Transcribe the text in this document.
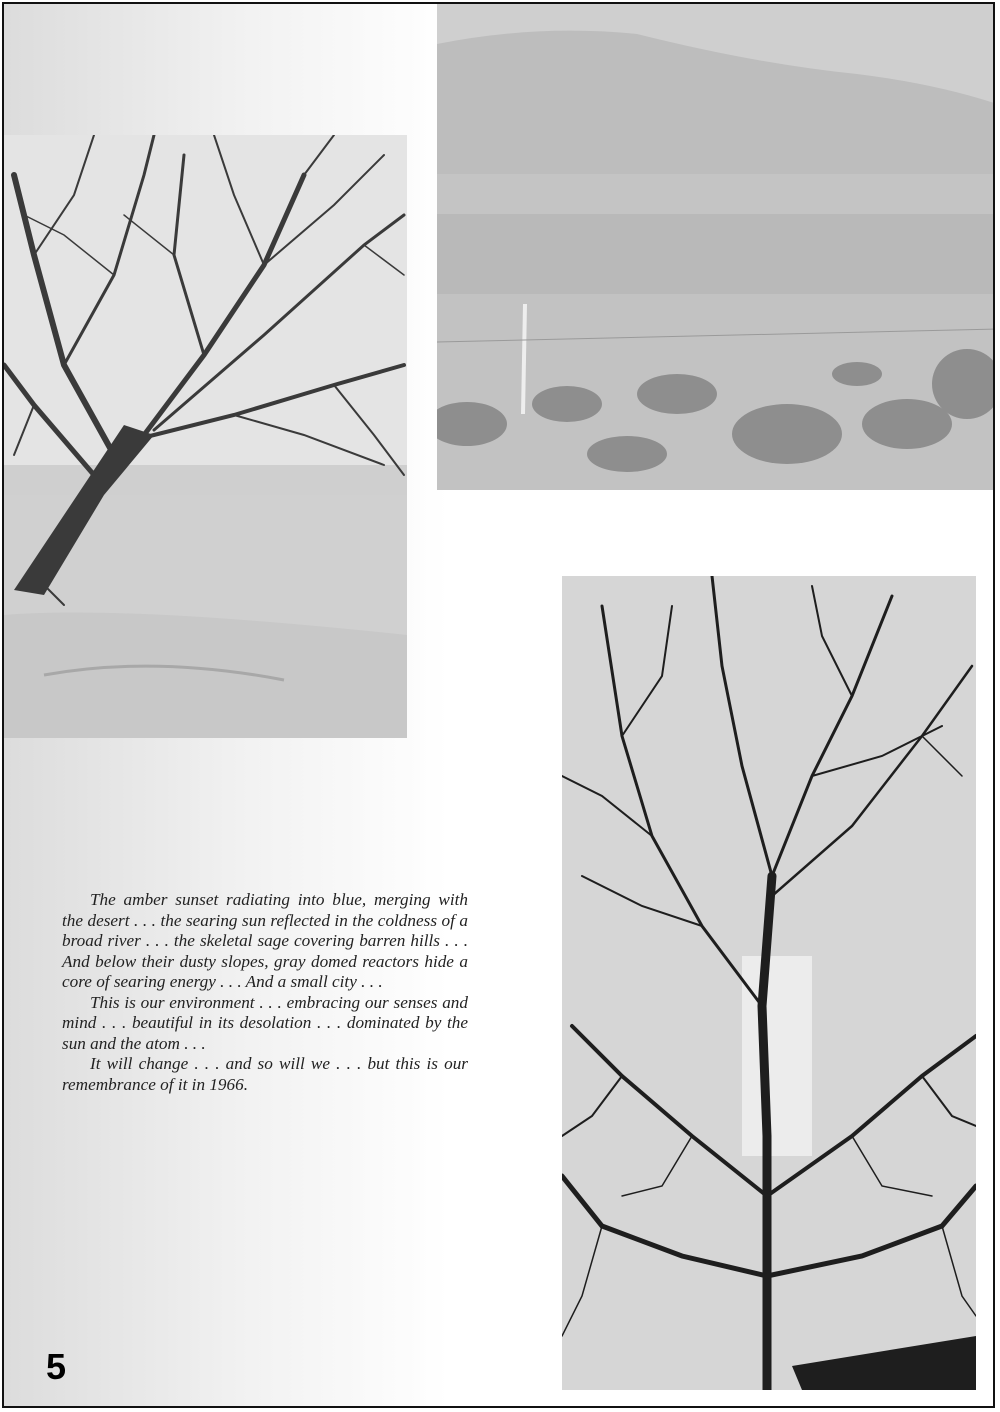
The amber sunset radiating into blue, merging with the desert . . . the searing sun reflected in the coldness of a broad river . . . the skeletal sage covering barren hills . . . And below their dusty slopes, gray domed reactors hide a core of searing energy . . . And a small city . . .

This is our environment . . . embracing our senses and mind . . . beautiful in its desolation . . . dominated by the sun and the atom . . .

It will change . . . and so will we . . . but this is our remembrance of it in 1966.

5
